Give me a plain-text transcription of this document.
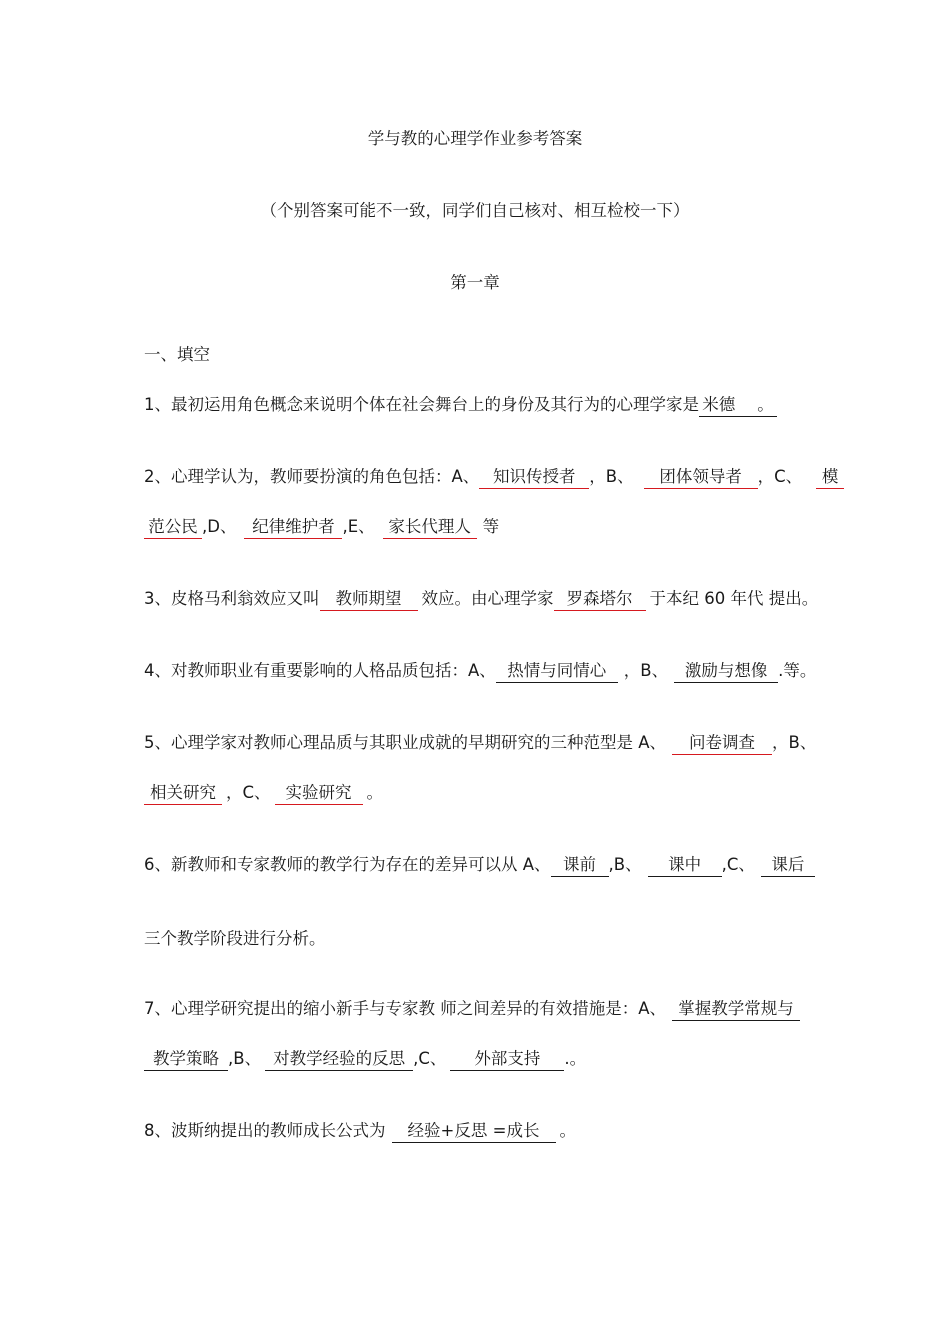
学与教的心理学作业参考答案
（个别答案可能不一致，同学们自己核对、相互检校一下）
第一章
一、填空
1、最初运用角色概念来说明个体在社会舞台上的身份及其行为的心理学家是 米德 。
2、心理学认为，教师要扮演的角色包括：A、 知识传授者 ，B、 团体领导者 ，C、 模
范公民 ,D、 纪律维护者 ,E、 家长代理人 等
3、皮格马利翁效应又叫 教师期望 效应。由心理学家 罗森塔尔 于本纪 60 年代 提出。
4、对教师职业有重要影响的人格品质包括：A、 热情与同情心 ，B、 激励与想像 .等。
5、心理学家对教师心理品质与其职业成就的早期研究的三种范型是 A、 问卷调查 ，B、
相关研究 ，C、 实验研究 。
6、新教师和专家教师的教学行为存在的差异可以从 A、 课前 ,B、 课中 ,C、 课后
三个教学阶段进行分析。
7、心理学研究提出的缩小新手与专家教 师之间差异的有效措施是：A、 掌握教学常规与
教学策略 ,B、 对教学经验的反思 ,C、 外部支持 .。
8、波斯纳提出的教师成长公式为 经验+反思 =成长 。
